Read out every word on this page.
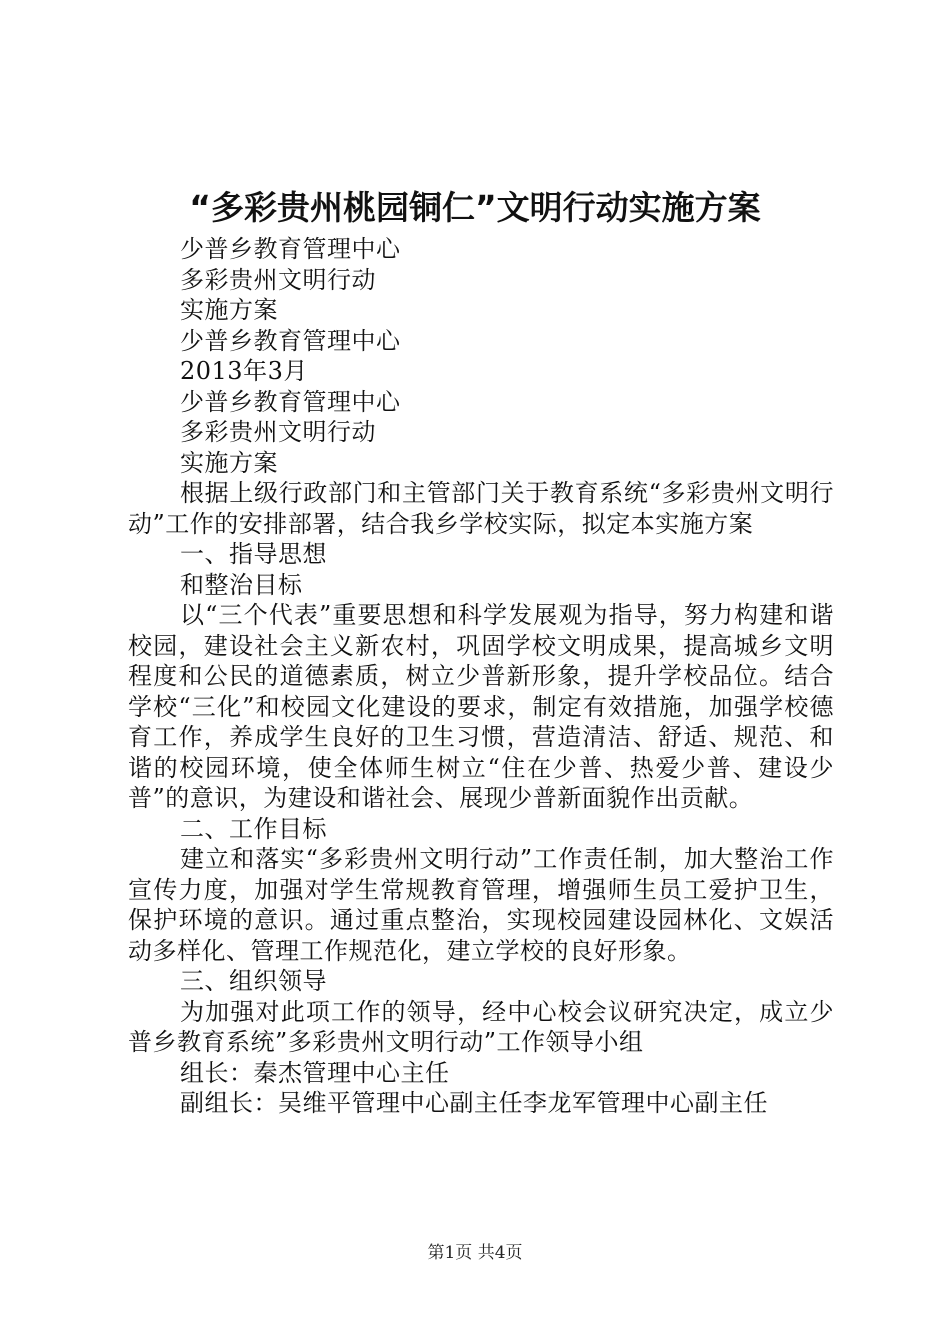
“多彩贵州桃园铜仁”文明行动实施方案
少普乡教育管理中心
多彩贵州文明行动
实施方案
少普乡教育管理中心
2013年3月
少普乡教育管理中心
多彩贵州文明行动
实施方案
根据上级行政部门和主管部门关于教育系统“多彩贵州文明行动”工作的安排部署，结合我乡学校实际，拟定本实施方案
一、指导思想
和整治目标
以“三个代表”重要思想和科学发展观为指导，努力构建和谐校园，建设社会主义新农村，巩固学校文明成果，提高城乡文明程度和公民的道德素质，树立少普新形象，提升学校品位。结合学校“三化”和校园文化建设的要求，制定有效措施，加强学校德育工作，养成学生良好的卫生习惯，营造清洁、舒适、规范、和谐的校园环境，使全体师生树立“住在少普、热爱少普、建设少普”的意识，为建设和谐社会、展现少普新面貌作出贡献。
二、工作目标
建立和落实“多彩贵州文明行动”工作责任制，加大整治工作宣传力度，加强对学生常规教育管理，增强师生员工爱护卫生，保护环境的意识。通过重点整治，实现校园建设园林化、文娱活动多样化、管理工作规范化，建立学校的良好形象。
三、组织领导
为加强对此项工作的领导，经中心校会议研究决定，成立少普乡教育系统”多彩贵州文明行动”工作领导小组
组长：秦杰管理中心主任
副组长：吴维平管理中心副主任李龙军管理中心副主任
第1页 共4页
